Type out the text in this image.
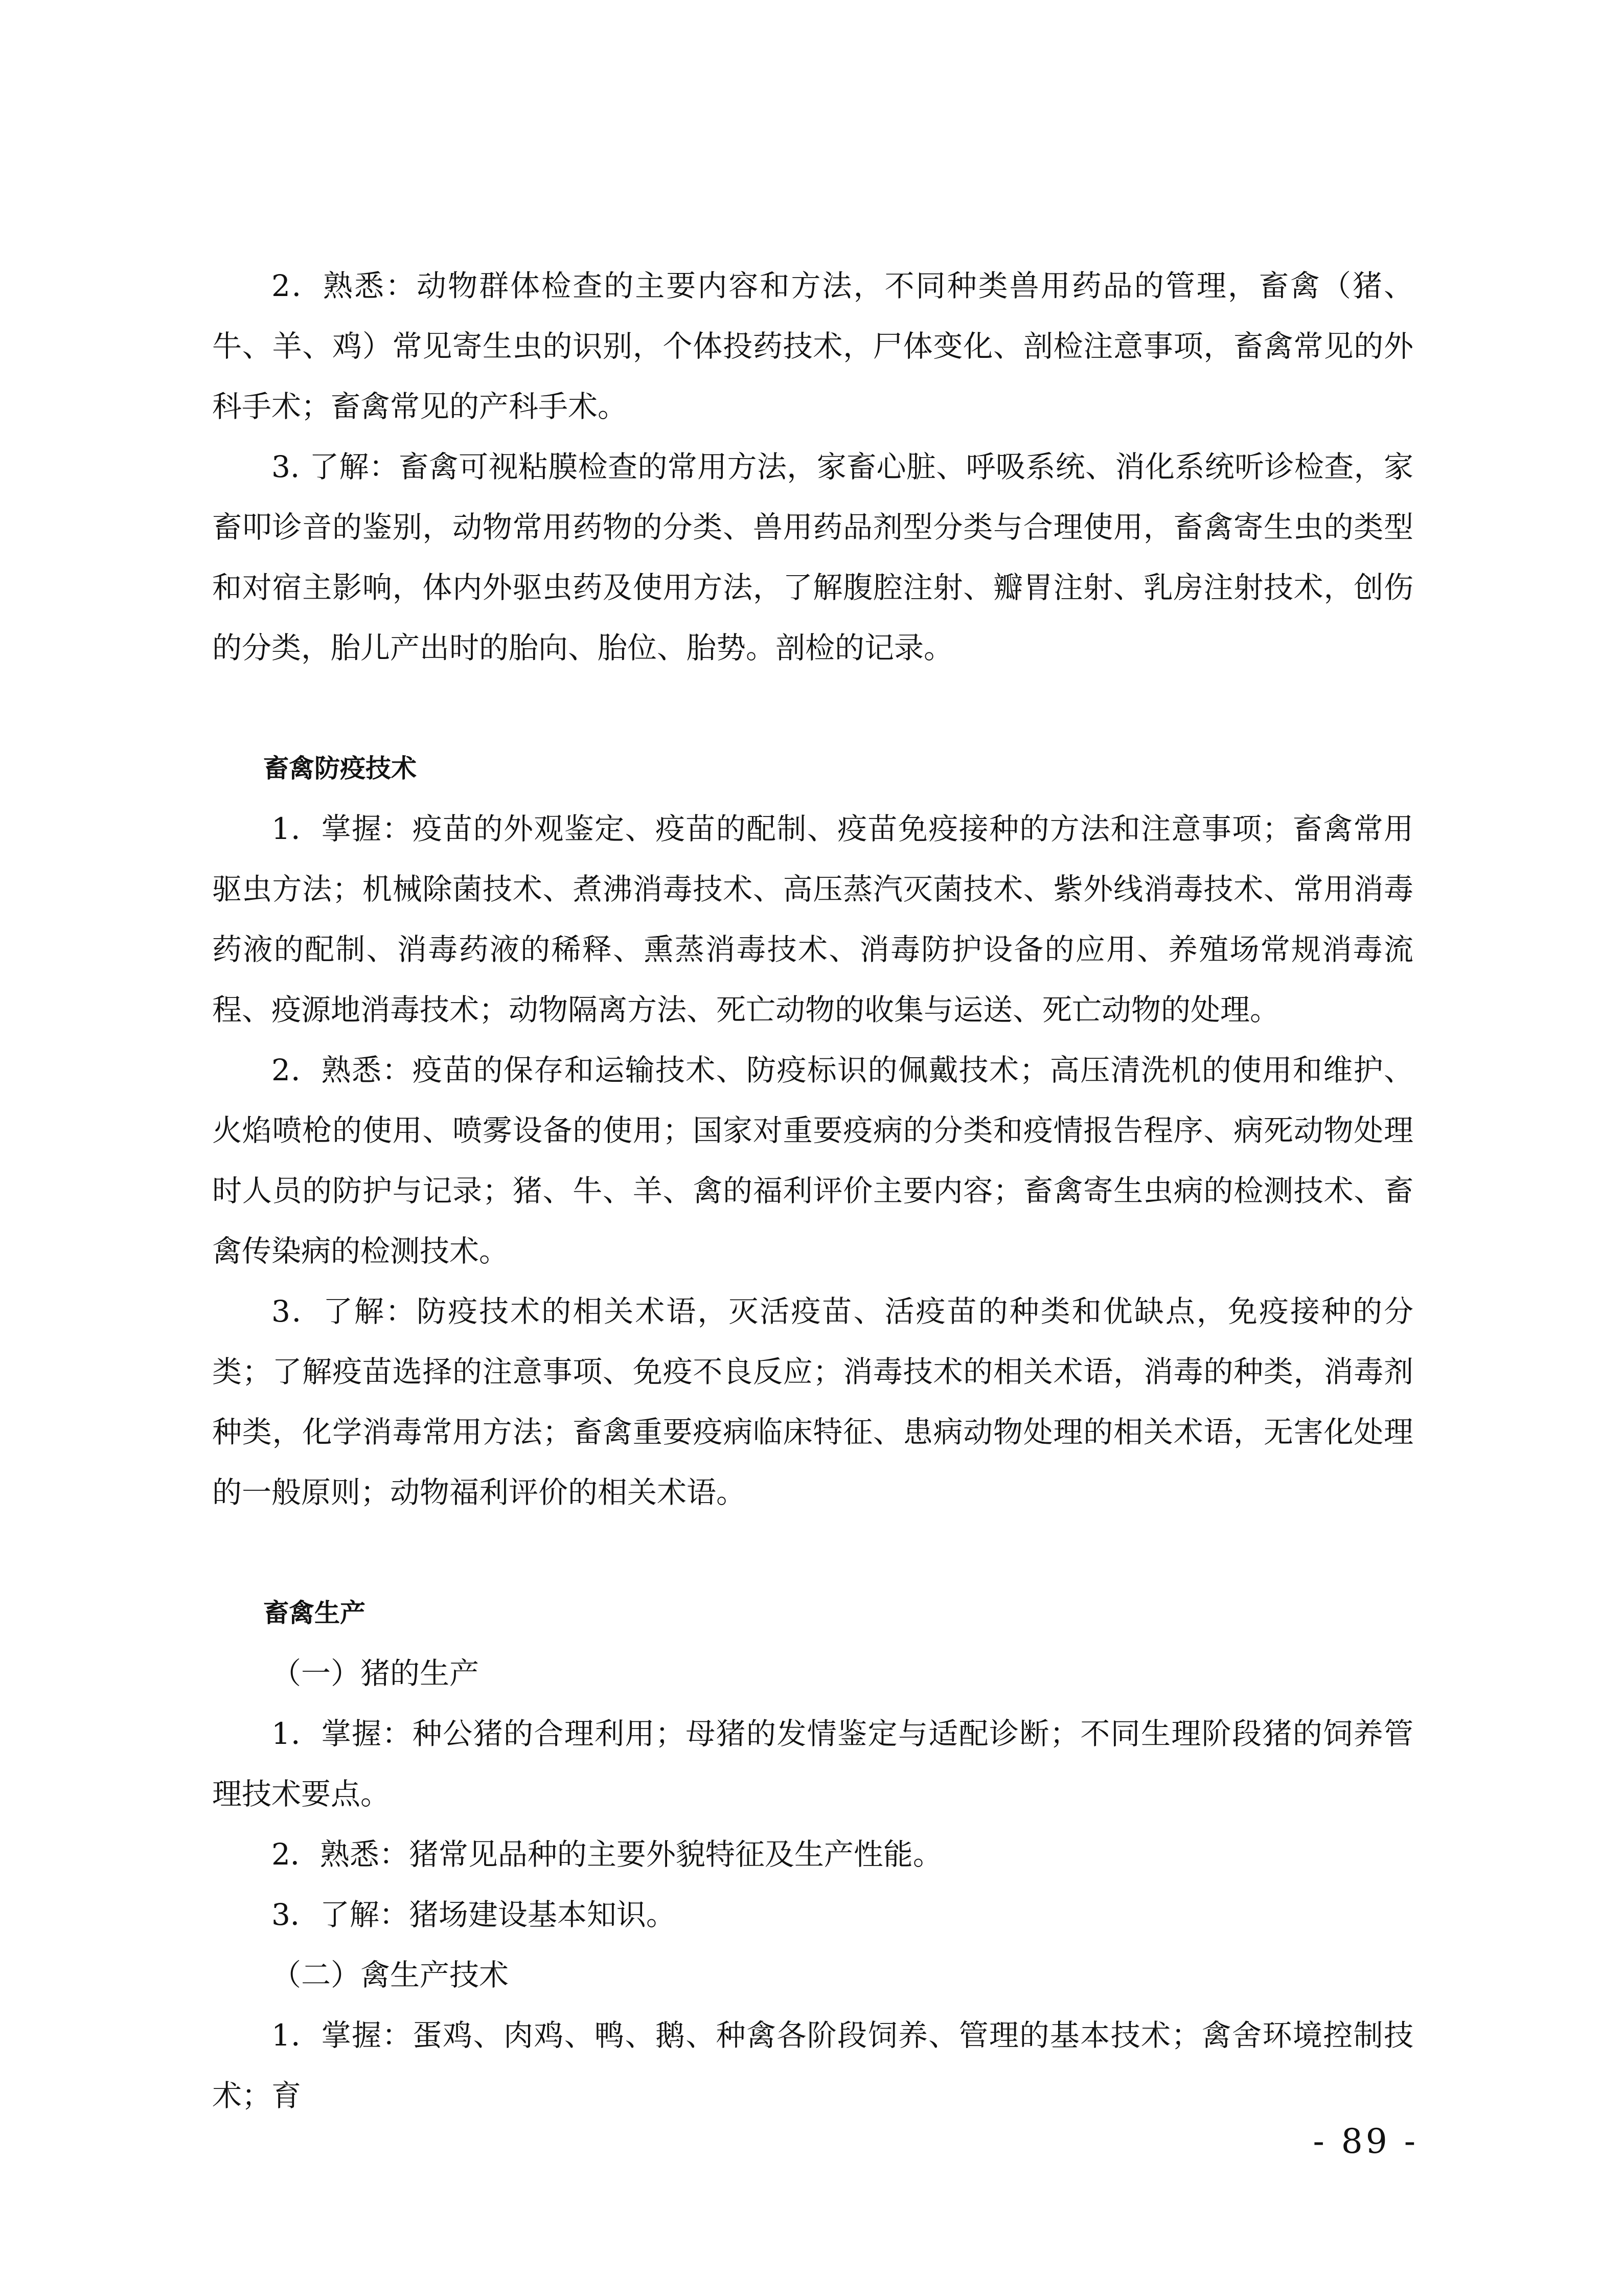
2．熟悉：动物群体检查的主要内容和方法，不同种类兽用药品的管理，畜禽（猪、牛、羊、鸡）常见寄生虫的识别，个体投药技术，尸体变化、剖检注意事项，畜禽常见的外科手术；畜禽常见的产科手术。

3. 了解：畜禽可视粘膜检查的常用方法，家畜心脏、呼吸系统、消化系统听诊检查，家畜叩诊音的鉴别，动物常用药物的分类、兽用药品剂型分类与合理使用，畜禽寄生虫的类型和对宿主影响，体内外驱虫药及使用方法，了解腹腔注射、瓣胃注射、乳房注射技术，创伤的分类，胎儿产出时的胎向、胎位、胎势。剖检的记录。

畜禽防疫技术

1．掌握：疫苗的外观鉴定、疫苗的配制、疫苗免疫接种的方法和注意事项；畜禽常用驱虫方法；机械除菌技术、煮沸消毒技术、高压蒸汽灭菌技术、紫外线消毒技术、常用消毒药液的配制、消毒药液的稀释、熏蒸消毒技术、消毒防护设备的应用、养殖场常规消毒流程、疫源地消毒技术；动物隔离方法、死亡动物的收集与运送、死亡动物的处理。

2．熟悉：疫苗的保存和运输技术、防疫标识的佩戴技术；高压清洗机的使用和维护、火焰喷枪的使用、喷雾设备的使用；国家对重要疫病的分类和疫情报告程序、病死动物处理时人员的防护与记录；猪、牛、羊、禽的福利评价主要内容；畜禽寄生虫病的检测技术、畜禽传染病的检测技术。

3．了解：防疫技术的相关术语，灭活疫苗、活疫苗的种类和优缺点，免疫接种的分类；了解疫苗选择的注意事项、免疫不良反应；消毒技术的相关术语，消毒的种类，消毒剂种类，化学消毒常用方法；畜禽重要疫病临床特征、患病动物处理的相关术语，无害化处理的一般原则；动物福利评价的相关术语。

畜禽生产

（一）猪的生产

1．掌握：种公猪的合理利用；母猪的发情鉴定与适配诊断；不同生理阶段猪的饲养管理技术要点。

2．熟悉：猪常见品种的主要外貌特征及生产性能。

3．了解：猪场建设基本知识。

（二）禽生产技术

1．掌握：蛋鸡、肉鸡、鸭、鹅、种禽各阶段饲养、管理的基本技术；禽舍环境控制技术；育

- 89 -
